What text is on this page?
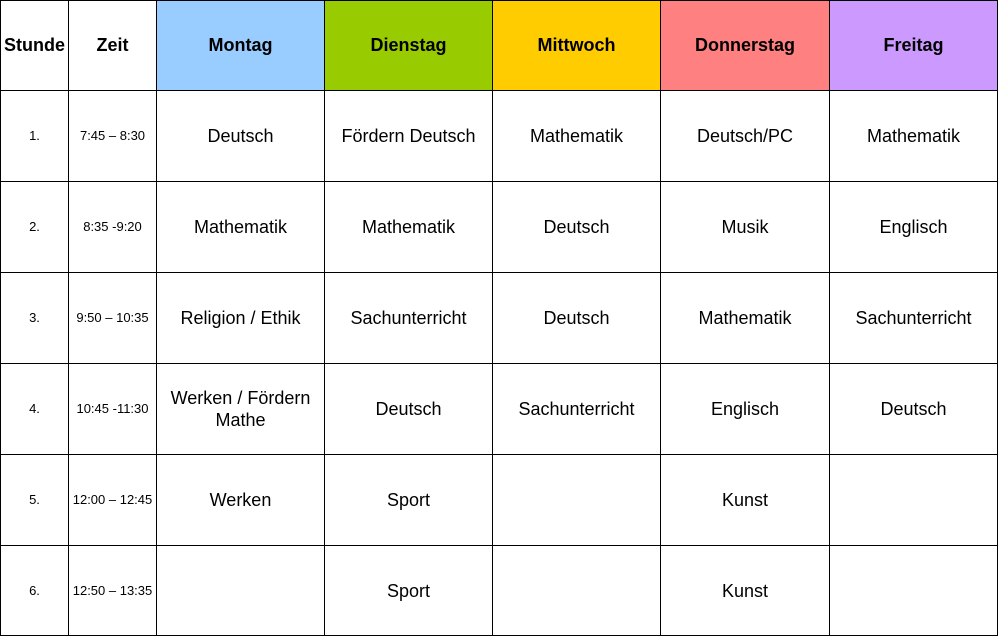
Stunde	Zeit	Montag	Dienstag	Mittwoch	Donnerstag	Freitag
1.	7:45 – 8:30	Deutsch	Fördern Deutsch	Mathematik	Deutsch/PC	Mathematik
2.	8:35 -9:20	Mathematik	Mathematik	Deutsch	Musik	Englisch
3.	9:50 – 10:35	Religion / Ethik	Sachunterricht	Deutsch	Mathematik	Sachunterricht
4.	10:45 -11:30	Werken / Fördern Mathe	Deutsch	Sachunterricht	Englisch	Deutsch
5.	12:00 – 12:45	Werken	Sport		Kunst	
6.	12:50 – 13:35		Sport		Kunst	
